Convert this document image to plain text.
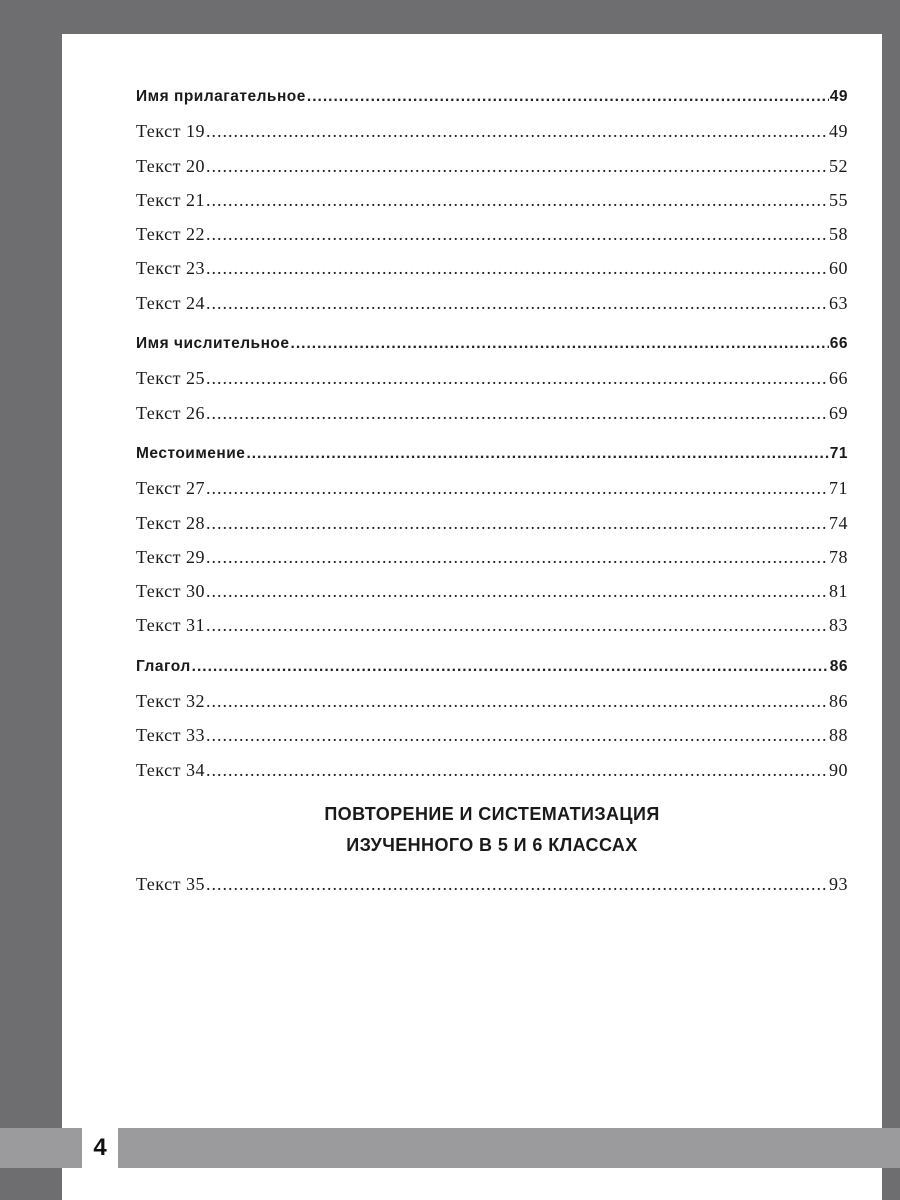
4
Имя прилагательное .....	49
Текст 19 .....	49
Текст 20 .....	52
Текст 21 .....	55
Текст 22 .....	58
Текст 23 .....	60
Текст 24 .....	63
Имя числительное .....	66
Текст 25 .....	66
Текст 26 .....	69
Местоимение .....	71
Текст 27 .....	71
Текст 28 .....	74
Текст 29 .....	78
Текст 30 .....	81
Текст 31 .....	83
Глагол .....	86
Текст 32 .....	86
Текст 33 .....	88
Текст 34 .....	90
ПОВТОРЕНИЕ И СИСТЕМАТИЗАЦИЯ
ИЗУЧЕННОГО В 5 И 6 КЛАССАХ
Текст 35 .....	93
